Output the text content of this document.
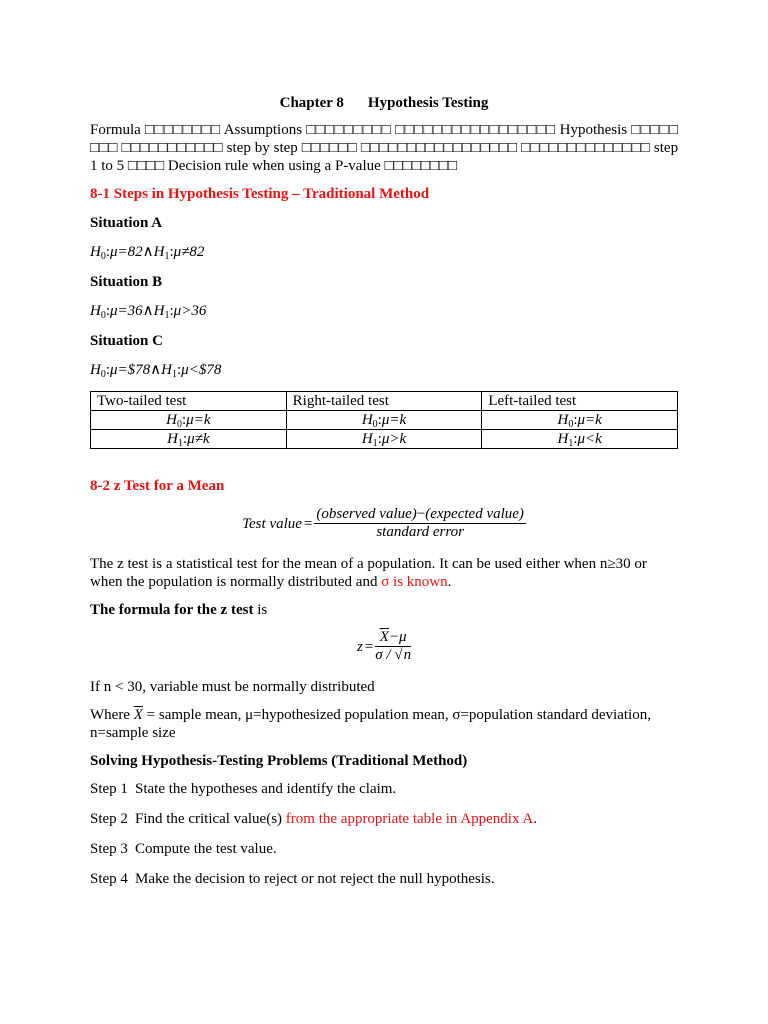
Chapter 8 Hypothesis Testing

Formula □□□□□□□□ Assumptions □□□□□□□□□ □□□□□□□□□□□□□□□□□ Hypothesis □□□□□ □□□ □□□□□□□□□□□ step by step □□□□□□ □□□□□□□□□□□□□□□□□ □□□□□□□□□□□□□□ step 1 to 5 □□□□ Decision rule when using a P-value □□□□□□□□

8-1 Steps in Hypothesis Testing – Traditional Method

Situation A

$H_0:\mu=82\wedge H_1:\mu\ne 82$

Situation B

$H_0:\mu=36\wedge H_1:\mu>36$

Situation C

$H_0:\mu=\$78\wedge H_1:\mu<\$78$

Two-tailed test	Right-tailed test	Left-tailed test
$H_0:\mu=k$	$H_0:\mu=k$	$H_0:\mu=k$
$H_1:\mu\ne k$	$H_1:\mu>k$	$H_1:\mu<k$

8-2 z Test for a Mean

Test value = $\frac{\text{(observed value)−(expected value)}}{\text{standard error}}$

The z test is a statistical test for the mean of a population. It can be used either when n≥30 or when the population is normally distributed and σ is known.

The formula for the z test is

$z = \frac{\overline{X}-\mu}{\sigma / √n}$

If n < 30, variable must be normally distributed

Where $\overline{X}$ = sample mean, μ=hypothesized population mean, σ=population standard deviation, n=sample size

Solving Hypothesis-Testing Problems (Traditional Method)

Step 1 State the hypotheses and identify the claim.

Step 2 Find the critical value(s) from the appropriate table in Appendix A.

Step 3 Compute the test value.

Step 4 Make the decision to reject or not reject the null hypothesis.
